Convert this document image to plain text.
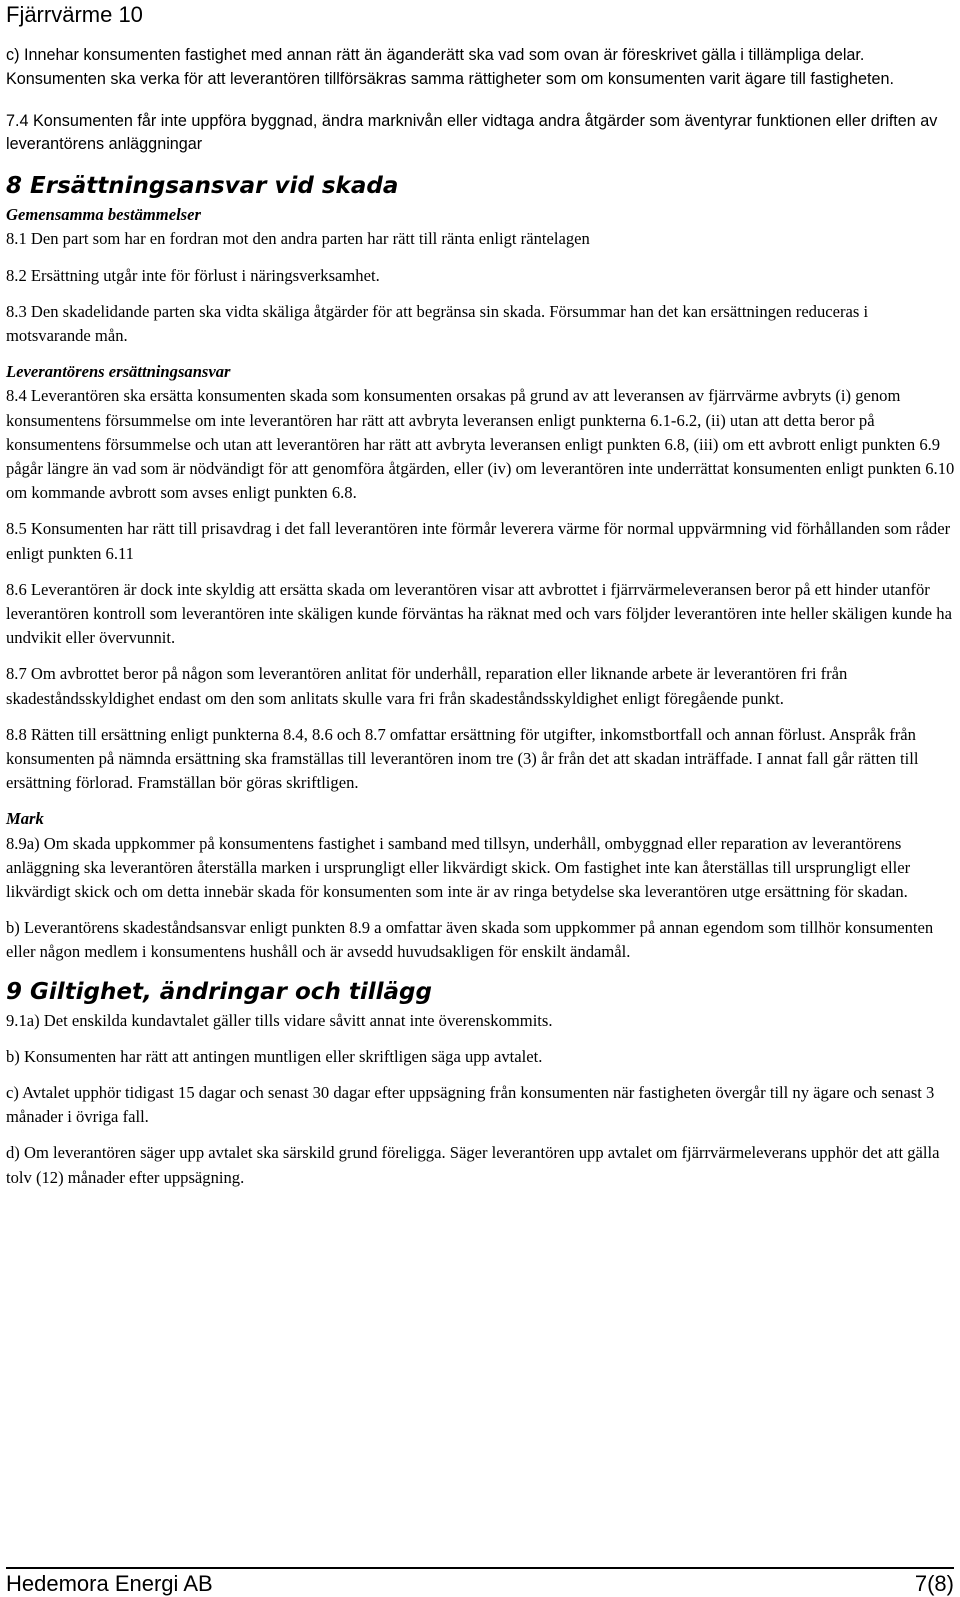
Fjärrvärme 10

c) Innehar konsumenten fastighet med annan rätt än äganderätt ska vad som ovan är föreskrivet gälla i tillämpliga delar. Konsumenten ska verka för att leverantören tillförsäkras samma rättigheter som om konsumenten varit ägare till fastigheten.

7.4 Konsumenten får inte uppföra byggnad, ändra marknivån eller vidtaga andra åtgärder som äventyrar funktionen eller driften av leverantörens anläggningar

8 Ersättningsansvar vid skada
Gemensamma bestämmelser

8.1 Den part som har en fordran mot den andra parten har rätt till ränta enligt räntelagen

8.2 Ersättning utgår inte för förlust i näringsverksamhet.

8.3 Den skadelidande parten ska vidta skäliga åtgärder för att begränsa sin skada. Försummar han det kan ersättningen reduceras i motsvarande mån.

Leverantörens ersättningsansvar

8.4 Leverantören ska ersätta konsumenten skada som konsumenten orsakas på grund av att leveransen av fjärrvärme avbryts (i) genom konsumentens försummelse om inte leverantören har rätt att avbryta leveransen enligt punkterna 6.1-6.2, (ii) utan att detta beror på konsumentens försummelse och utan att leverantören har rätt att avbryta leveransen enligt punkten 6.8, (iii) om ett avbrott enligt punkten 6.9 pågår längre än vad som är nödvändigt för att genomföra åtgärden, eller (iv) om leverantören inte underrättat konsumenten enligt punkten 6.10 om kommande avbrott som avses enligt punkten 6.8.

8.5 Konsumenten har rätt till prisavdrag i det fall leverantören inte förmår leverera värme för normal uppvärmning vid förhållanden som råder enligt punkten 6.11

8.6 Leverantören är dock inte skyldig att ersätta skada om leverantören visar att avbrottet i fjärrvärmeleveransen beror på ett hinder utanför leverantören kontroll som leverantören inte skäligen kunde förväntas ha räknat med och vars följder leverantören inte heller skäligen kunde ha undvikit eller övervunnit.

8.7 Om avbrottet beror på någon som leverantören anlitat för underhåll, reparation eller liknande arbete är leverantören fri från skadeståndsskyldighet endast om den som anlitats skulle vara fri från skadeståndsskyldighet enligt föregående punkt.

8.8 Rätten till ersättning enligt punkterna 8.4, 8.6 och 8.7 omfattar ersättning för utgifter, inkomstbortfall och annan förlust. Anspråk från konsumenten på nämnda ersättning ska framställas till leverantören inom tre (3) år från det att skadan inträffade. I annat fall går rätten till ersättning förlorad. Framställan bör göras skriftligen.

Mark

8.9a) Om skada uppkommer på konsumentens fastighet i samband med tillsyn, underhåll, ombyggnad eller reparation av leverantörens anläggning ska leverantören återställa marken i ursprungligt eller likvärdigt skick. Om fastighet inte kan återställas till ursprungligt eller likvärdigt skick och om detta innebär skada för konsumenten som inte är av ringa betydelse ska leverantören utge ersättning för skadan.

b) Leverantörens skadeståndsansvar enligt punkten 8.9 a omfattar även skada som uppkommer på annan egendom som tillhör konsumenten eller någon medlem i konsumentens hushåll och är avsedd huvudsakligen för enskilt ändamål.

9 Giltighet, ändringar och tillägg

9.1a) Det enskilda kundavtalet gäller tills vidare såvitt annat inte överenskommits.

b) Konsumenten har rätt att antingen muntligen eller skriftligen säga upp avtalet.

c) Avtalet upphör tidigast 15 dagar och senast 30 dagar efter uppsägning från konsumenten när fastigheten övergår till ny ägare och senast 3 månader i övriga fall.

d) Om leverantören säger upp avtalet ska särskild grund föreligga. Säger leverantören upp avtalet om fjärrvärmeleverans upphör det att gälla tolv (12) månader efter uppsägning.

Hedemora Energi AB	7(8)
